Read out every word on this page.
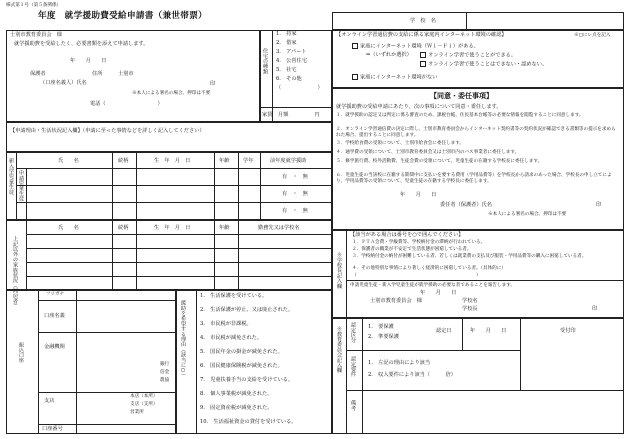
様式第１号（第５条関係）
年度　就学援助費受給申請書（兼世帯票）	学　校　名
士別市教育委員会　様
就学援助費を受給したく、必要書類を添えて申請します。
年　　月　　日
保護者	住所	士別市
（口座名義人）氏名	印
※本人による署名の場合、押印は不要
電話（　　　　　　　　　　）
住宅の種類
1.　持家
2.　借家
3.　アパート
4.　公営住宅
5.　社宅
6.　その他
（　　　　　　　）
家賃 月額　　　　　円
【オンライン学習通信費の支給に係る家庭内インターネット環境の確認】	※□にレ点を記入
家庭にインターネット環境（Ｗｉ－Ｆｉ）がある。
⇒（いずれか選択）	オンライン学習で使うことができる。
オンライン学習で使うことはできない・認めない。
家庭にインターネット環境がない
【同意・委任事項】
就学援助費の受給申請にあたり、次の事項について同意・委任します。
１．就学援助の認定又は判定に係る審査のため、課税台帳、住民基本台帳等の必要な情報を閲覧することに同意します。
２．オンライン学習通信費の決定に際し、士別市教育委員会からインターネット契約書等の契約状況が確認できる書類等の提示を求められた場合、提出することに同意します。
３．学校給食費の受領について、士別市給食会に委任します。
４．通学費の受領について、士別市教育委員会又は士別市内のバス事業者に委任します。
５．修学旅行費、校外活動費、生徒会費の受領について、児童生徒の在籍する学校長に委任します。
６．児童生徒の当該校に在籍する期間中に支払いを要する費用（学用品費等）を学校長から請求のあった場合、学校長の申し立てにより、学用品費等の受領について、児童生徒の在籍する学校長に委任します。
年　　月　　日
委任者（保護者）氏名	印
※本人による署名の場合、押印は不要
【申請理由・生活状況記入欄】（申請に至った事情などを詳しく記入してください）
新入学児童生徒	氏　　名	続柄	生　年　月　日	年齢	学年	前年度就学援助
申請児童生徒	有　・　無
有　・　無
有　・　無
上記以外の家族状況（同居者）
氏　　名	続柄	生　年　月　日	年齢	勤務先又は学校名
※学校長記入欄
【該当がある場合は番号を○で囲んでください】
１．ＰＴＡ会費・学級費等、学校納付金の滞納が行われている。
２．保護者の職業が不安定で生活状態が困窮している者。
３．学校納付金の納付が困難している者、若しくは就業費の支払及び服装・学用品費等の購入に困窮している者。
４．その他特別な事情により著しく経済的に困窮している者。（具体的に）
（　　　　　　　　　　　　　　　　　　　　　　　　　　）
申請児童生徒・新入学児童生徒が就学援助の必要な者であることを報告します。
年　　月　　日
士別市教育委員会　様	学校名
学校長	印
振込口座
フリガナ
口座名義
金融機関
銀行
信金
農協
支店
本店（本所）
支店（支所）
営業所
口座番号
援助を希望する理由（該当に○）
1.　生活保護を受けている。
2.　生活保護が停止、又は廃止された。
3.　市民税が非課税。
4.　市民税が減免された。
5.　国民年金の掛金が減免された。
6.　国民健康保険税が減免された。
7.　児童扶養手当の支給を受けている。
8.　個人事業税が減免された。
9.　固定資産税が減免された。
10.　生活福祉資金の貸付を受けている。
※教育委員会記入欄 認定区分 1.　要保護
2.　準要保護
認定日	年　　月　　日	受付印
認定要件 1.　左記の理由により該当
2.　収入要件により該当（　　　倍）
備考
